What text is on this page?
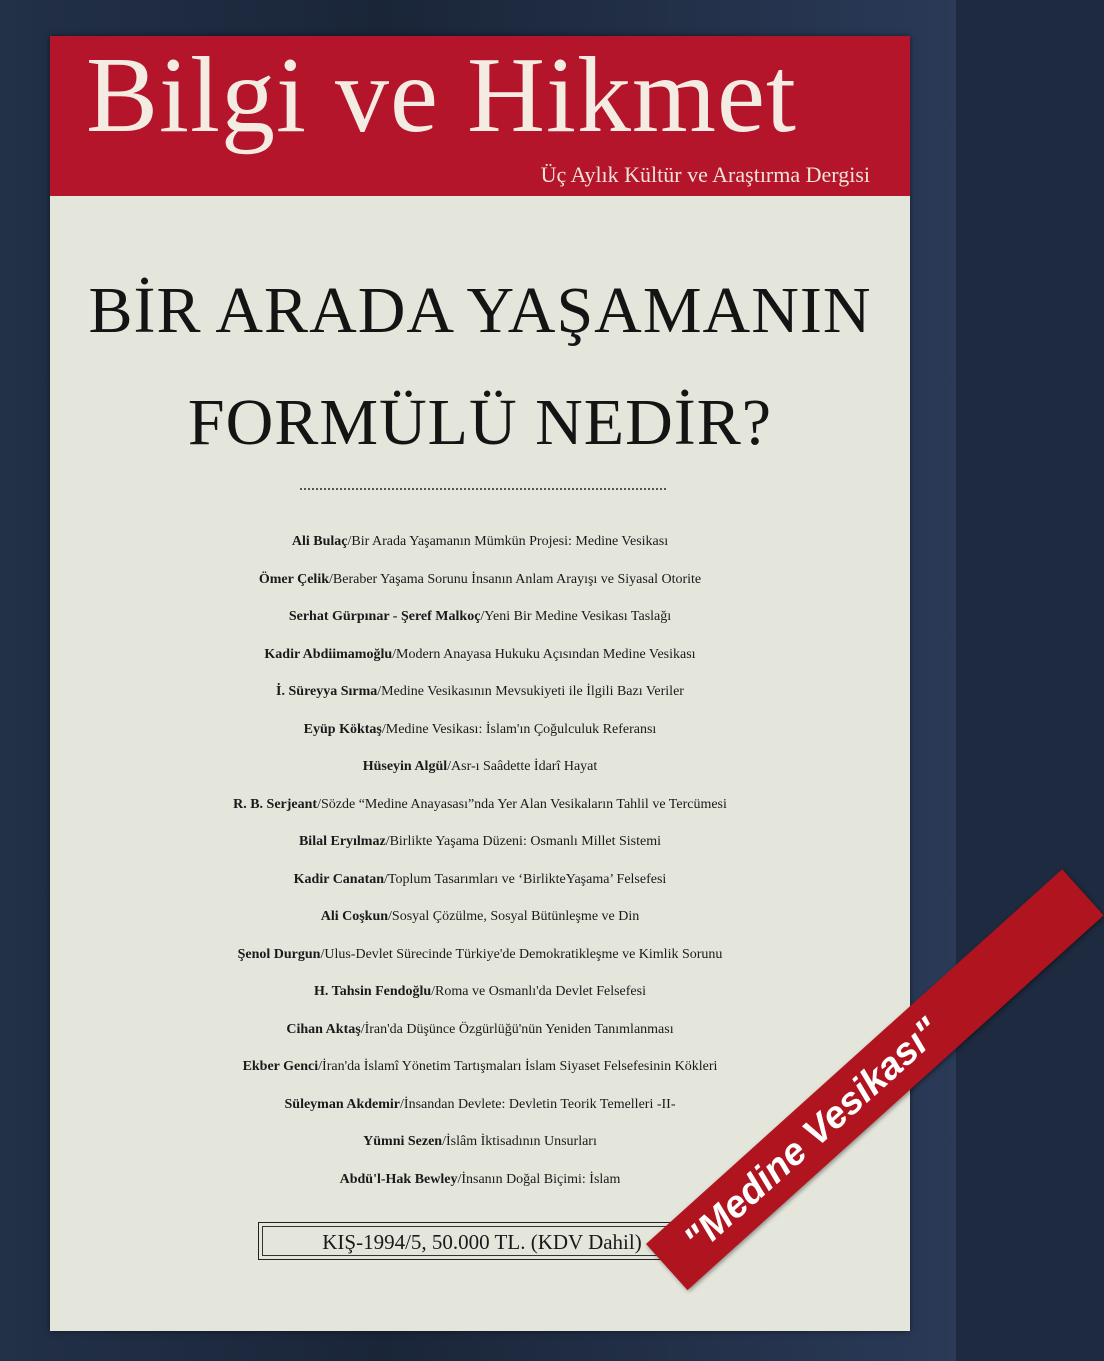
Bilgi ve Hikmet
Üç Aylık Kültür ve Araştırma Dergisi
BİR ARADA YAŞAMANIN
FORMÜLÜ NEDİR?
Ali Bulaç/Bir Arada Yaşamanın Mümkün Projesi: Medine Vesikası
Ömer Çelik/Beraber Yaşama Sorunu İnsanın Anlam Arayışı ve Siyasal Otorite
Serhat Gürpınar - Şeref Malkoç/Yeni Bir Medine Vesikası Taslağı
Kadir Abdiimamoğlu/Modern Anayasa Hukuku Açısından Medine Vesikası
İ. Süreyya Sırma/Medine Vesikasının Mevsukiyeti ile İlgili Bazı Veriler
Eyüp Köktaş/Medine Vesikası: İslam'ın Çoğulculuk Referansı
Hüseyin Algül/Asr-ı Saâdette İdarî Hayat
R. B. Serjeant/Sözde “Medine Anayasası”nda Yer Alan Vesikaların Tahlil ve Tercümesi
Bilal Eryılmaz/Birlikte Yaşama Düzeni: Osmanlı Millet Sistemi
Kadir Canatan/Toplum Tasarımları ve ‘BirlikteYaşama’ Felsefesi
Ali Coşkun/Sosyal Çözülme, Sosyal Bütünleşme ve Din
Şenol Durgun/Ulus-Devlet Sürecinde Türkiye'de Demokratikleşme ve Kimlik Sorunu
H. Tahsin Fendoğlu/Roma ve Osmanlı'da Devlet Felsefesi
Cihan Aktaş/İran'da Düşünce Özgürlüğü'nün Yeniden Tanımlanması
Ekber Genci/İran'da İslamî Yönetim Tartışmaları İslam Siyaset Felsefesinin Kökleri
Süleyman Akdemir/İnsandan Devlete: Devletin Teorik Temelleri -II-
Yümni Sezen/İslâm İktisadının Unsurları
Abdü'l-Hak Bewley/İnsanın Doğal Biçimi: İslam
KIŞ-1994/5, 50.000 TL. (KDV Dahil) "Medine Vesikası"
